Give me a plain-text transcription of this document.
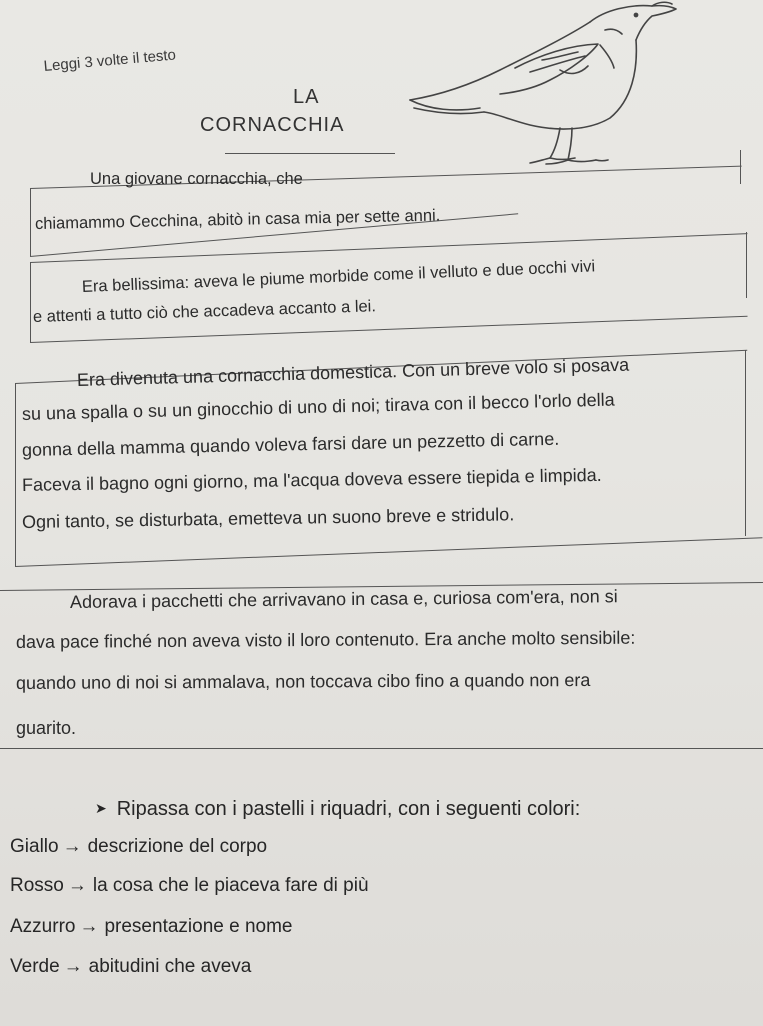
Leggi 3 volte il testo
LA
CORNACCHIA
Una giovane cornacchia, che
chiamammo Cecchina, abitò in casa mia per sette anni.
Era bellissima: aveva le piume morbide come il velluto e due occhi vivi
e attenti a tutto ciò che accadeva accanto a lei.
Era divenuta una cornacchia domestica. Con un breve volo si posava
su una spalla o su un ginocchio di uno di noi; tirava con il becco l'orlo della
gonna della mamma quando voleva farsi dare un pezzetto di carne.
Faceva il bagno ogni giorno, ma l'acqua doveva essere tiepida e limpida.
Ogni tanto, se disturbata, emetteva un suono breve e stridulo.
Adorava i pacchetti che arrivavano in casa e, curiosa com'era, non si
dava pace finché non aveva visto il loro contenuto. Era anche molto sensibile:
quando uno di noi si ammalava, non toccava cibo fino a quando non era
guarito.
➤ Ripassa con i pastelli i riquadri, con i seguenti colori:
Giallo → descrizione del corpo
Rosso → la cosa che le piaceva fare di più
Azzurro → presentazione e nome
Verde → abitudini che aveva
